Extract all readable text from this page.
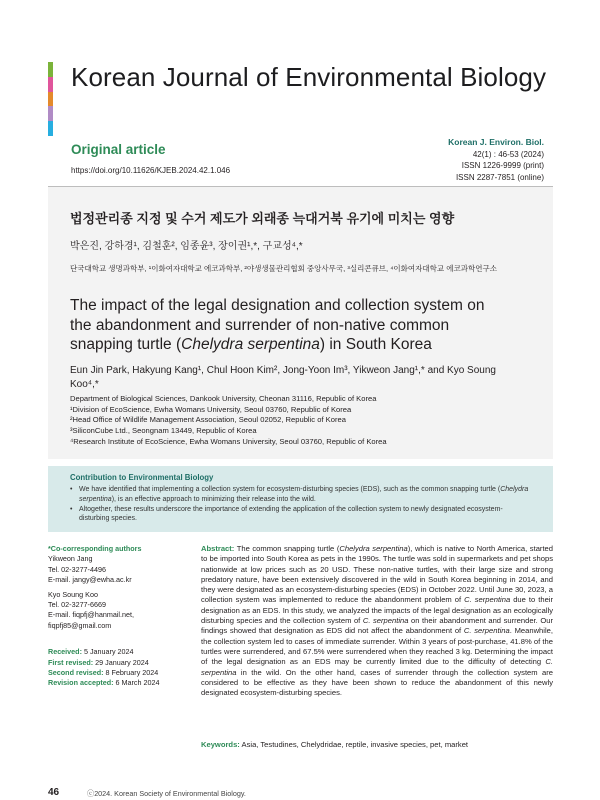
Korean Journal of Environmental Biology
Original article
https://doi.org/10.11626/KJEB.2024.42.1.046
Korean J. Environ. Biol.
42(1) : 46-53 (2024)
ISSN 1226-9999 (print)
ISSN 2287-7851 (online)
법정관리종 지정 및 수거 제도가 외래종 늑대거북 유기에 미치는 영향
박은진, 강하경¹, 김철훈², 임종윤³, 장이권¹,*, 구교성⁴,*
단국대학교 생명과학부, ¹이화여자대학교 에코과학부, ²야생생물관리협회 중앙사무국, ³실리콘큐브, ⁴이화여자대학교 에코과학연구소
The impact of the legal designation and collection system on the abandonment and surrender of non-native common snapping turtle (Chelydra serpentina) in South Korea
Eun Jin Park, Hakyung Kang¹, Chul Hoon Kim², Jong-Yoon Im³, Yikweon Jang¹,* and Kyo Soung Koo⁴,*
Department of Biological Sciences, Dankook University, Cheonan 31116, Republic of Korea
¹Division of EcoScience, Ewha Womans University, Seoul 03760, Republic of Korea
²Head Office of Wildlife Management Association, Seoul 02052, Republic of Korea
³SiliconCube Ltd., Seongnam 13449, Republic of Korea
⁴Research Institute of EcoScience, Ewha Womans University, Seoul 03760, Republic of Korea
Contribution to Environmental Biology
• We have identified that implementing a collection system for ecosystem-disturbing species (EDS), such as the common snapping turtle (Chelydra serpentina), is an effective approach to minimizing their release into the wild.
• Altogether, these results underscore the importance of extending the application of the collection system to newly designated ecosystem-disturbing species.
*Co-corresponding authors
Yikweon Jang
Tel. 02-3277-4496
E-mail. jangy@ewha.ac.kr
Kyo Soung Koo
Tel. 02-3277-6669
E-mail. fiqpfj@hanmail.net,
fiqpfj85@gmail.com
Received: 5 January 2024
First revised: 29 January 2024
Second revised: 8 February 2024
Revision accepted: 6 March 2024
Abstract: The common snapping turtle (Chelydra serpentina), which is native to North America, started to be imported into South Korea as pets in the 1990s. The turtle was sold in supermarkets and pet shops nationwide at low prices such as 20 USD. These non-native turtles, with their large size and strong predatory nature, have been extensively discovered in the wild in South Korea beginning in 2014, and they were designated as an ecosystem-disturbing species (EDS) in October 2022. Until June 30, 2023, a collection system was implemented to reduce the abandonment problem of C. serpentina due to their designation as an EDS. In this study, we analyzed the impacts of the legal designation as an ecologically disturbing species and the collection system of C. serpentina on their abandonment and surrender. Our findings showed that designation as EDS did not affect the abandonment of C. serpentina. Meanwhile, the collection system led to cases of immediate surrender. Within 3 years of post-purchase, 41.8% of the turtles were surrendered, and 67.5% were surrendered when they reached 3 kg. Determining the impact of the legal designation as an EDS may be currently limited due to the difficulty of detecting C. serpentina in the wild. On the other hand, cases of surrender through the collection system are considered to be effective as they have been shown to reduce the abandonment of this newly designated ecosystem-disturbing species.
Keywords: Asia, Testudines, Chelydridae, reptile, invasive species, pet, market
46	ⓒ2024. Korean Society of Environmental Biology.
